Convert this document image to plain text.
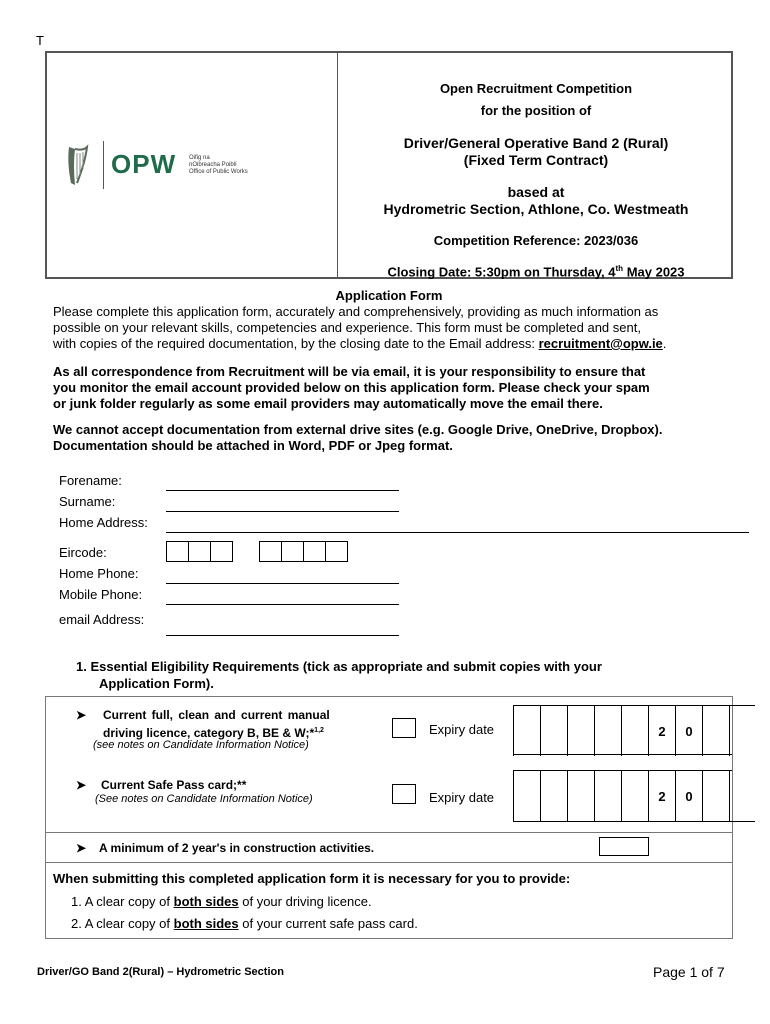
T
OPW Oifig na
nOibreacha Poiblí
Office of Public Works
Open Recruitment Competition
for the position of
Driver/General Operative Band 2 (Rural)
(Fixed Term Contract)
based at
Hydrometric Section, Athlone, Co. Westmeath
Competition Reference: 2023/036
Closing Date: 5:30pm on Thursday, 4th May 2023
Application Form
Please complete this application form, accurately and comprehensively, providing as much information as
possible on your relevant skills, competencies and experience. This form must be completed and sent,
with copies of the required documentation, by the closing date to the Email address: recruitment@opw.ie.
As all correspondence from Recruitment will be via email, it is your responsibility to ensure that
you monitor the email account provided below on this application form. Please check your spam
or junk folder regularly as some email providers may automatically move the email there.
We cannot accept documentation from external drive sites (e.g. Google Drive, OneDrive, Dropbox).
Documentation should be attached in Word, PDF or Jpeg format.
Forename:
Surname:
Home Address:
Eircode:
Home Phone:
Mobile Phone:
email Address:
1. Essential Eligibility Requirements (tick as appropriate and submit copies with your
Application Form).
➤ Current full, clean and current manual
driving licence, category B, BE & W;*$^{1,2}$
(see notes on Candidate Information Notice)
Expiry date	2	0
➤ Current Safe Pass card;**
(See notes on Candidate Information Notice)	Expiry date	2	0
➤ A minimum of 2 year's in construction activities.
When submitting this completed application form it is necessary for you to provide:
1. A clear copy of both sides of your driving licence.
2. A clear copy of both sides of your current safe pass card.
Driver/GO Band 2(Rural) – Hydrometric Section	Page 1 of 7
